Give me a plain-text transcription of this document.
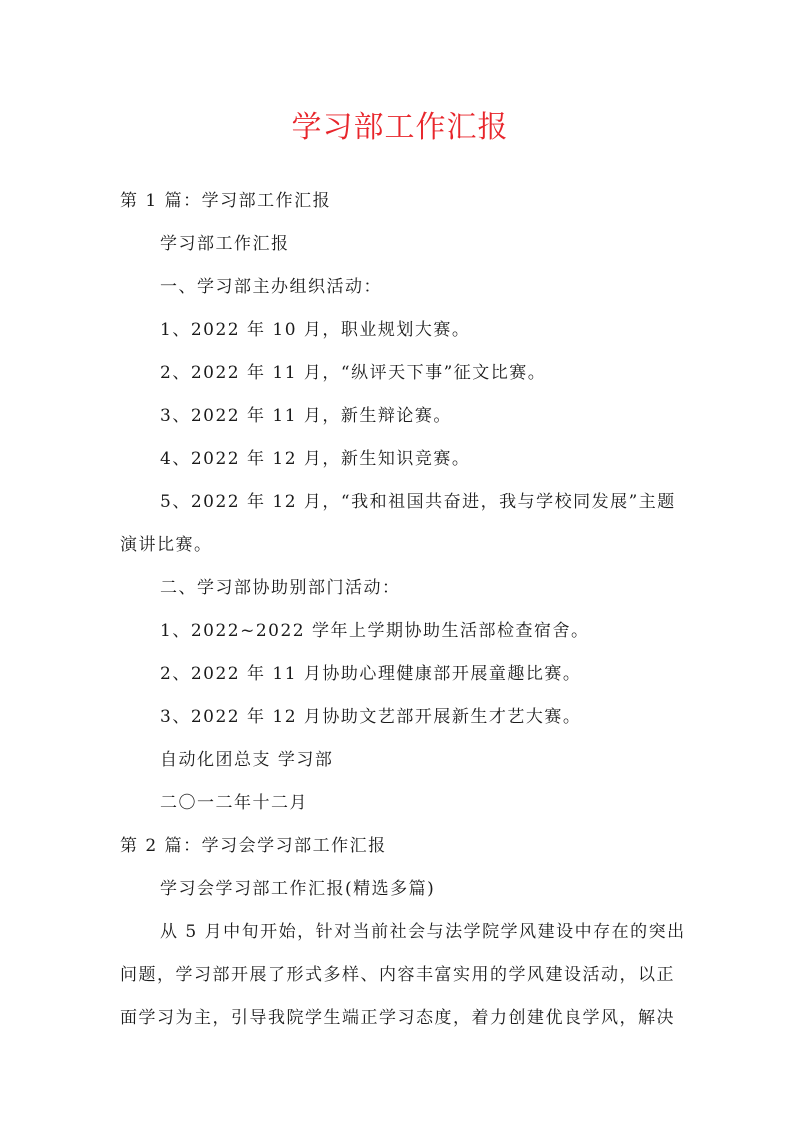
学习部工作汇报

第 1 篇：学习部工作汇报

学习部工作汇报

一、学习部主办组织活动：

1、2022 年 10 月，职业规划大赛。

2、2022 年 11 月，“纵评天下事”征文比赛。

3、2022 年 11 月，新生辩论赛。

4、2022 年 12 月，新生知识竞赛。

5、2022 年 12 月，“我和祖国共奋进，我与学校同发展”主题

演讲比赛。

二、学习部协助别部门活动：

1、2022~2022 学年上学期协助生活部检查宿舍。

2、2022 年 11 月协助心理健康部开展童趣比赛。

3、2022 年 12 月协助文艺部开展新生才艺大赛。

自动化团总支 学习部

二〇一二年十二月

第 2 篇：学习会学习部工作汇报

学习会学习部工作汇报(精选多篇)

从 5 月中旬开始，针对当前社会与法学院学风建设中存在的突出

问题，学习部开展了形式多样、内容丰富实用的学风建设活动，以正

面学习为主，引导我院学生端正学习态度，着力创建优良学风，解决
